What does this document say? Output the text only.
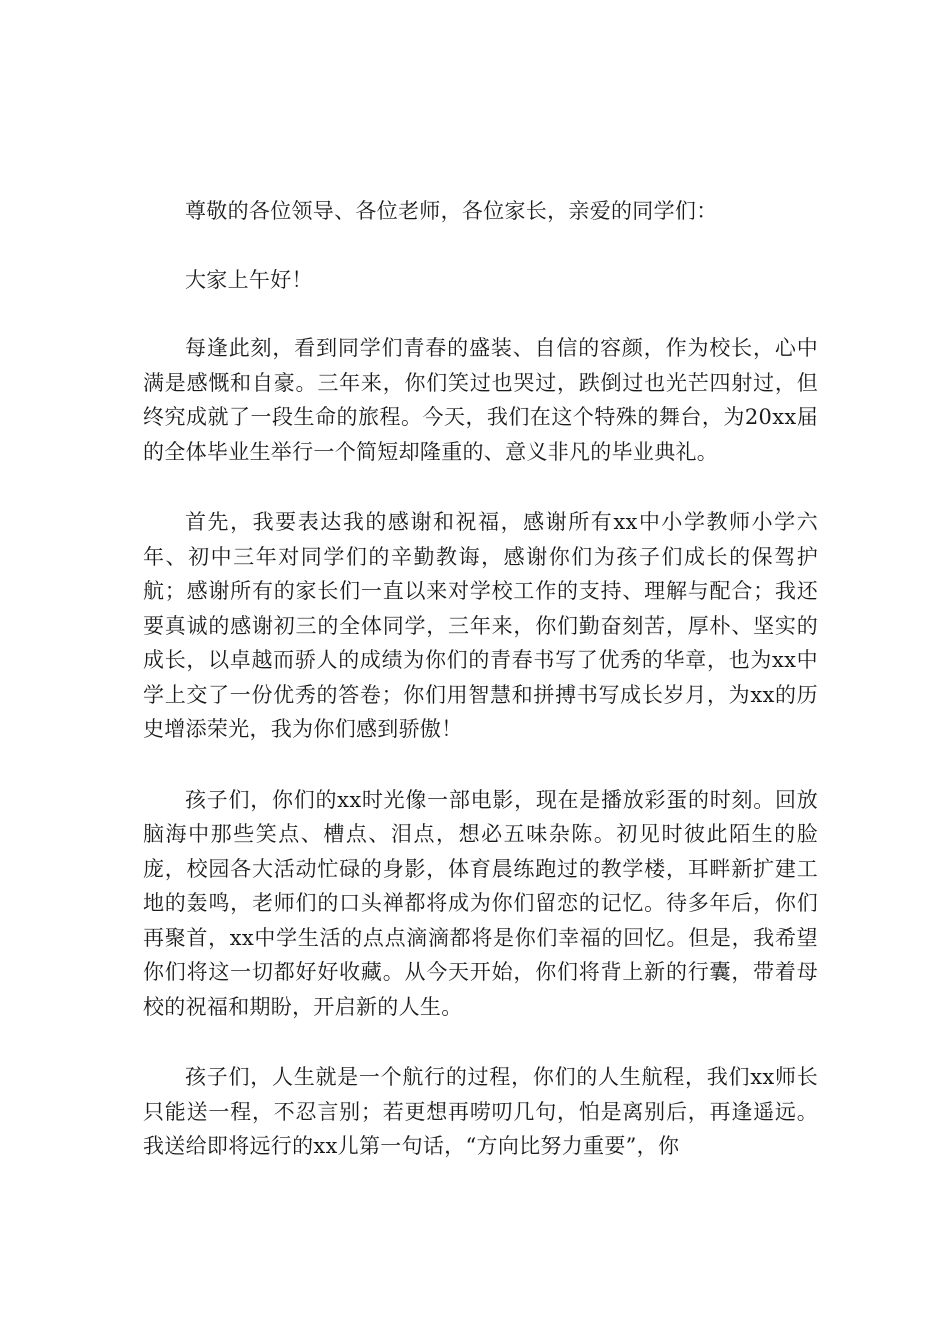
尊敬的各位领导、各位老师，各位家长，亲爱的同学们：

大家上午好！

每逢此刻，看到同学们青春的盛装、自信的容颜，作为校长，心中满是感慨和自豪。三年来，你们笑过也哭过，跌倒过也光芒四射过，但终究成就了一段生命的旅程。今天，我们在这个特殊的舞台，为20xx届的全体毕业生举行一个简短却隆重的、意义非凡的毕业典礼。

首先，我要表达我的感谢和祝福，感谢所有xx中小学教师小学六年、初中三年对同学们的辛勤教诲，感谢你们为孩子们成长的保驾护航；感谢所有的家长们一直以来对学校工作的支持、理解与配合；我还要真诚的感谢初三的全体同学，三年来，你们勤奋刻苦，厚朴、坚实的成长，以卓越而骄人的成绩为你们的青春书写了优秀的华章，也为xx中学上交了一份优秀的答卷；你们用智慧和拼搏书写成长岁月，为xx的历史增添荣光，我为你们感到骄傲！

孩子们，你们的xx时光像一部电影，现在是播放彩蛋的时刻。回放脑海中那些笑点、槽点、泪点，想必五味杂陈。初见时彼此陌生的脸庞，校园各大活动忙碌的身影，体育晨练跑过的教学楼，耳畔新扩建工地的轰鸣，老师们的口头禅都将成为你们留恋的记忆。待多年后，你们再聚首，xx中学生活的点点滴滴都将是你们幸福的回忆。但是，我希望你们将这一切都好好收藏。从今天开始，你们将背上新的行囊，带着母校的祝福和期盼，开启新的人生。

孩子们，人生就是一个航行的过程，你们的人生航程，我们xx师长只能送一程，不忍言别；若更想再唠叨几句，怕是离别后，再逢遥远。我送给即将远行的xx儿第一句话，“方向比努力重要”，你
